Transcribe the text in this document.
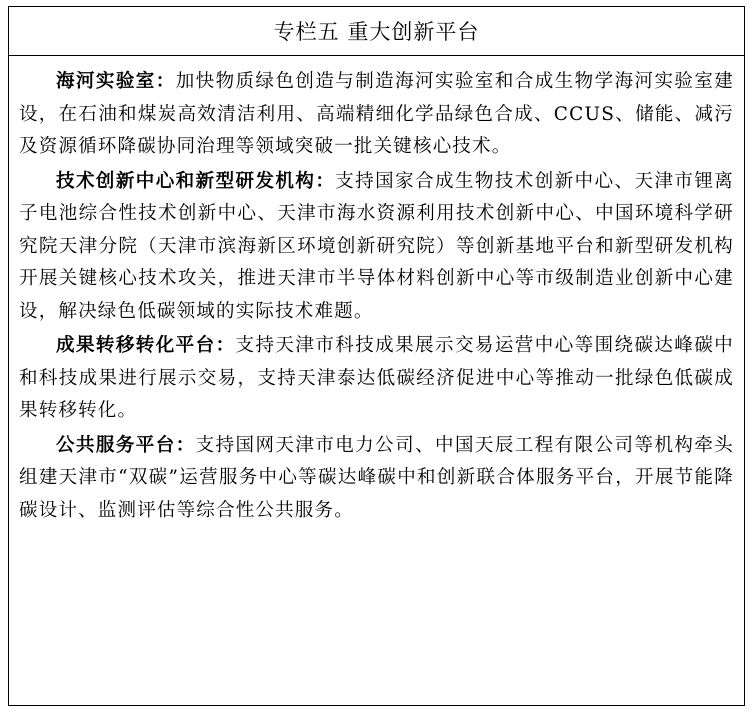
专栏五 重大创新平台

海河实验室：加快物质绿色创造与制造海河实验室和合成生物学海河实验室建设，在石油和煤炭高效清洁利用、高端精细化学品绿色合成、CCUS、储能、减污及资源循环降碳协同治理等领域突破一批关键核心技术。

技术创新中心和新型研发机构：支持国家合成生物技术创新中心、天津市锂离子电池综合性技术创新中心、天津市海水资源利用技术创新中心、中国环境科学研究院天津分院（天津市滨海新区环境创新研究院）等创新基地平台和新型研发机构开展关键核心技术攻关，推进天津市半导体材料创新中心等市级制造业创新中心建设，解决绿色低碳领域的实际技术难题。

成果转移转化平台：支持天津市科技成果展示交易运营中心等围绕碳达峰碳中和科技成果进行展示交易，支持天津泰达低碳经济促进中心等推动一批绿色低碳成果转移转化。

公共服务平台：支持国网天津市电力公司、中国天辰工程有限公司等机构牵头组建天津市“双碳”运营服务中心等碳达峰碳中和创新联合体服务平台，开展节能降碳设计、监测评估等综合性公共服务。
